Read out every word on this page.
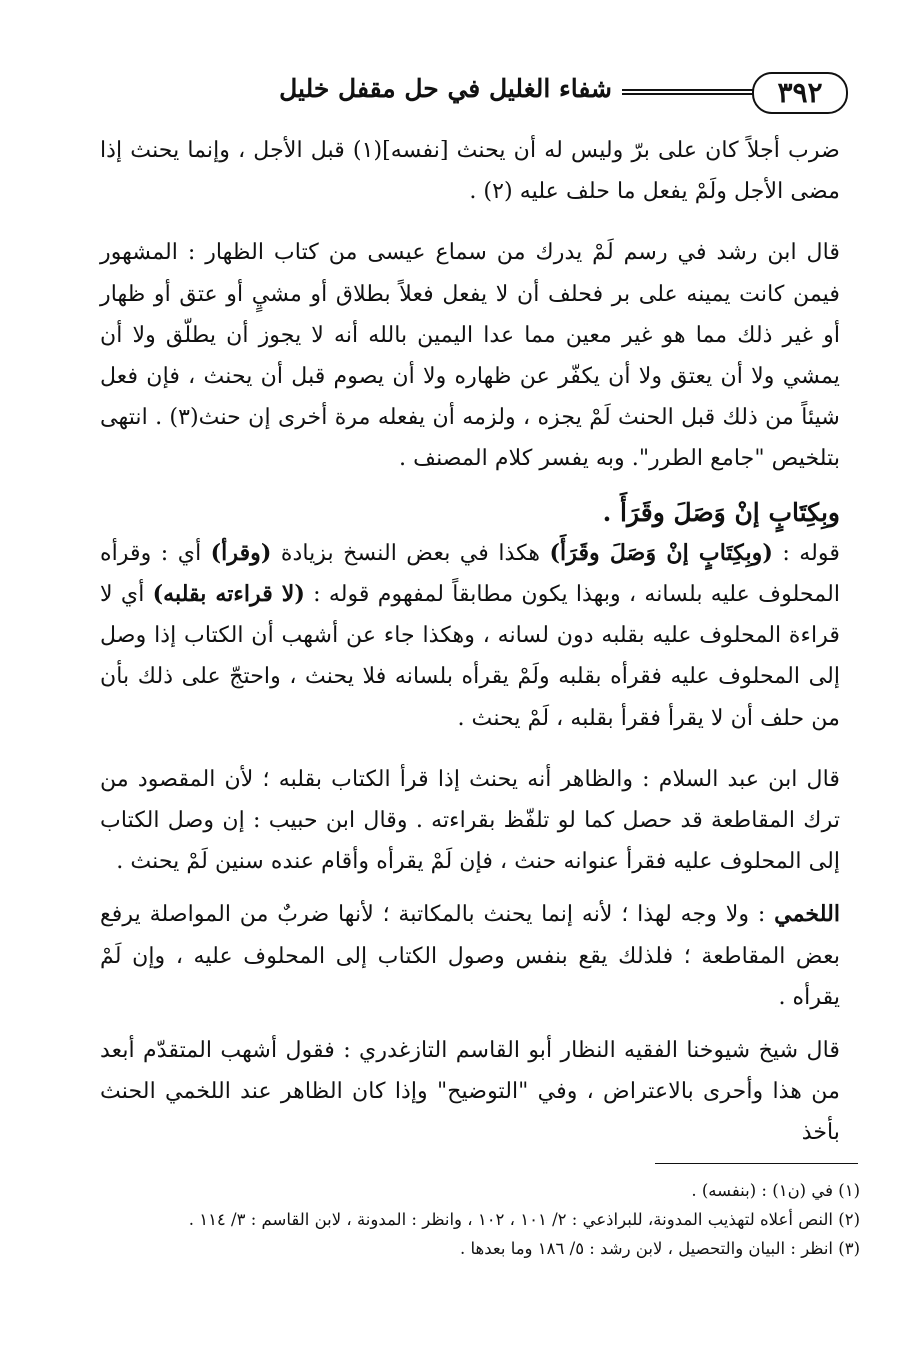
٣٩٢
شفاء الغليل في حل مقفل خليل

ضرب أجلاً كان على برّ وليس له أن يحنث [نفسه](١) قبل الأجل ، وإنما يحنث إذا مضى الأجل ولَمْ يفعل ما حلف عليه (٢) .

قال ابن رشد في رسم لَمْ يدرك من سماع عيسى من كتاب الظهار : المشهور فيمن كانت يمينه على بر فحلف أن لا يفعل فعلاً بطلاق أو مشيٍ أو عتق أو ظهار أو غير ذلك مما هو غير معين مما عدا اليمين بالله أنه لا يجوز أن يطلّق ولا أن يمشي ولا أن يعتق ولا أن يكفّر عن ظهاره ولا أن يصوم قبل أن يحنث ، فإن فعل شيئاً من ذلك قبل الحنث لَمْ يجزه ، ولزمه أن يفعله مرة أخرى إن حنث(٣) . انتهى بتلخيص "جامع الطرر". وبه يفسر كلام المصنف .

وبِكِتَابٍ إنْ وَصَلَ وقَرَأَ .

قوله : (وبِكِتَابٍ إنْ وَصَلَ وقَرَأَ) هكذا في بعض النسخ بزيادة (وقرأ) أي : وقرأه المحلوف عليه بلسانه ، وبهذا يكون مطابقاً لمفهوم قوله : (لا قراءته بقلبه) أي لا قراءة المحلوف عليه بقلبه دون لسانه ، وهكذا جاء عن أشهب أن الكتاب إذا وصل إلى المحلوف عليه فقرأه بقلبه ولَمْ يقرأه بلسانه فلا يحنث ، واحتجّ على ذلك بأن من حلف أن لا يقرأ فقرأ بقلبه ، لَمْ يحنث .

قال ابن عبد السلام : والظاهر أنه يحنث إذا قرأ الكتاب بقلبه ؛ لأن المقصود من ترك المقاطعة قد حصل كما لو تلفّظ بقراءته . وقال ابن حبيب : إن وصل الكتاب إلى المحلوف عليه فقرأ عنوانه حنث ، فإن لَمْ يقرأه وأقام عنده سنين لَمْ يحنث .

اللخمي : ولا وجه لهذا ؛ لأنه إنما يحنث بالمكاتبة ؛ لأنها ضربٌ من المواصلة يرفع بعض المقاطعة ؛ فلذلك يقع بنفس وصول الكتاب إلى المحلوف عليه ، وإن لَمْ يقرأه .

قال شيخ شيوخنا الفقيه النظار أبو القاسم التازغدري : فقول أشهب المتقدّم أبعد من هذا وأحرى بالاعتراض ، وفي "التوضيح" وإذا كان الظاهر عند اللخمي الحنث بأخذ

(١) في (ن١) : (بنفسه) .

(٢) النص أعلاه لتهذيب المدونة، للبراذعي : ٢/ ١٠١ ، ١٠٢ ، وانظر : المدونة ، لابن القاسم : ٣/ ١١٤ .

(٣) انظر : البيان والتحصيل ، لابن رشد : ٥/ ١٨٦ وما بعدها .
